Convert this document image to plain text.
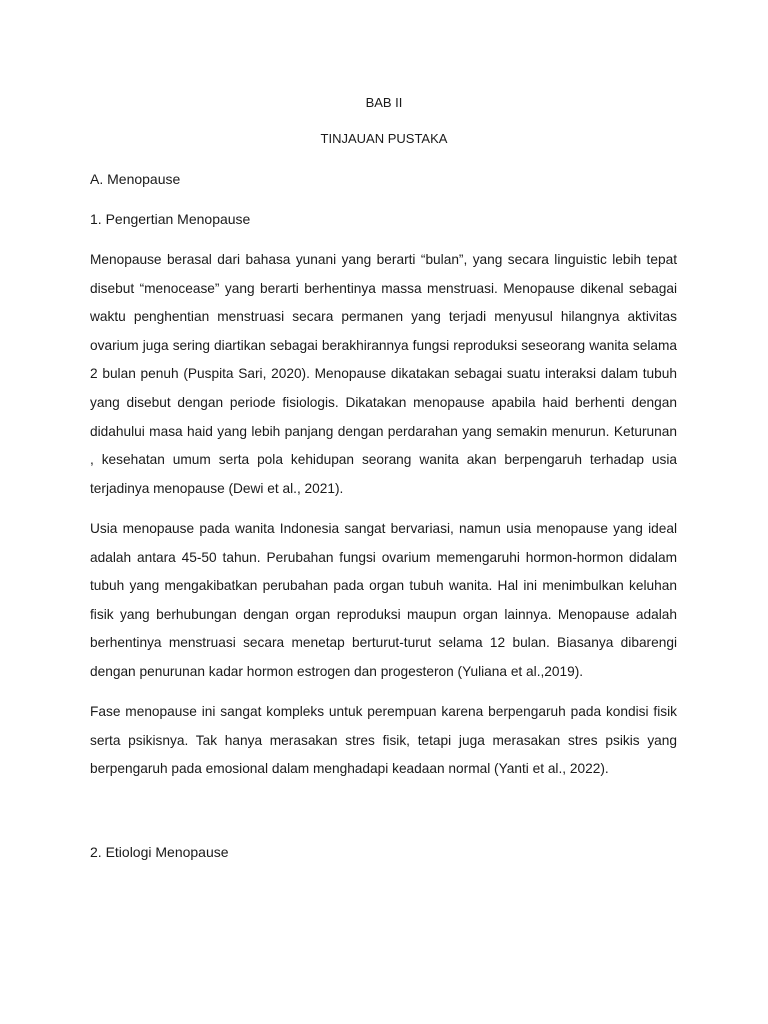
BAB II

TINJAUAN PUSTAKA

A. Menopause

1. Pengertian Menopause

Menopause berasal dari bahasa yunani yang berarti “bulan”, yang secara linguistic lebih tepat disebut “menocease” yang berarti berhentinya massa menstruasi. Menopause dikenal sebagai waktu penghentian menstruasi secara permanen yang terjadi menyusul hilangnya aktivitas ovarium juga sering diartikan sebagai berakhirannya fungsi reproduksi seseorang wanita selama 2 bulan penuh (Puspita Sari, 2020). Menopause dikatakan sebagai suatu interaksi dalam tubuh yang disebut dengan periode fisiologis. Dikatakan menopause apabila haid berhenti dengan didahului masa haid yang lebih panjang dengan perdarahan yang semakin menurun. Keturunan , kesehatan umum serta pola kehidupan seorang wanita akan berpengaruh terhadap usia terjadinya menopause (Dewi et al., 2021).

Usia menopause pada wanita Indonesia sangat bervariasi, namun usia menopause yang ideal adalah antara 45-50 tahun. Perubahan fungsi ovarium memengaruhi hormon-hormon didalam tubuh yang mengakibatkan perubahan pada organ tubuh wanita. Hal ini menimbulkan keluhan fisik yang berhubungan dengan organ reproduksi maupun organ lainnya. Menopause adalah berhentinya menstruasi secara menetap berturut-turut selama 12 bulan. Biasanya dibarengi dengan penurunan kadar hormon estrogen dan progesteron (Yuliana et al.,2019).

Fase menopause ini sangat kompleks untuk perempuan karena berpengaruh pada kondisi fisik serta psikisnya. Tak hanya merasakan stres fisik, tetapi juga merasakan stres psikis yang berpengaruh pada emosional dalam menghadapi keadaan normal (Yanti et al., 2022).

2. Etiologi Menopause
